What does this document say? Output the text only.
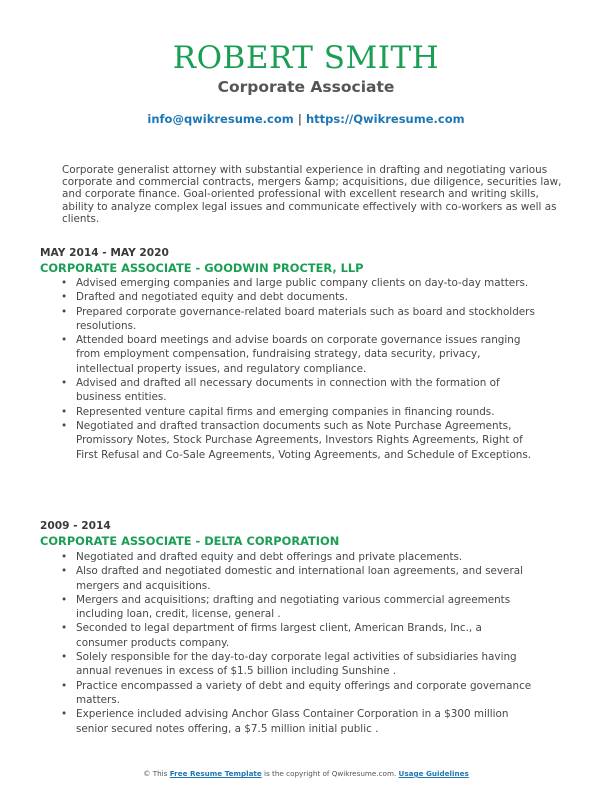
ROBERT SMITH
Corporate Associate
info@qwikresume.com | https://Qwikresume.com
Corporate generalist attorney with substantial experience in drafting and negotiating various corporate and commercial contracts, mergers &amp; acquisitions, due diligence, securities law, and corporate finance. Goal-oriented professional with excellent research and writing skills, ability to analyze complex legal issues and communicate effectively with co-workers as well as clients.
MAY 2014 - MAY 2020
CORPORATE ASSOCIATE - GOODWIN PROCTER, LLP
• Advised emerging companies and large public company clients on day-to-day matters.
• Drafted and negotiated equity and debt documents.
• Prepared corporate governance-related board materials such as board and stockholders resolutions.
• Attended board meetings and advise boards on corporate governance issues ranging from employment compensation, fundraising strategy, data security, privacy, intellectual property issues, and regulatory compliance.
• Advised and drafted all necessary documents in connection with the formation of business entities.
• Represented venture capital firms and emerging companies in financing rounds.
• Negotiated and drafted transaction documents such as Note Purchase Agreements, Promissory Notes, Stock Purchase Agreements, Investors Rights Agreements, Right of First Refusal and Co-Sale Agreements, Voting Agreements, and Schedule of Exceptions.
2009 - 2014
CORPORATE ASSOCIATE - DELTA CORPORATION
• Negotiated and drafted equity and debt offerings and private placements.
• Also drafted and negotiated domestic and international loan agreements, and several mergers and acquisitions.
• Mergers and acquisitions; drafting and negotiating various commercial agreements including loan, credit, license, general .
• Seconded to legal department of firms largest client, American Brands, Inc., a consumer products company.
• Solely responsible for the day-to-day corporate legal activities of subsidiaries having annual revenues in excess of $1.5 billion including Sunshine .
• Practice encompassed a variety of debt and equity offerings and corporate governance matters.
• Experience included advising Anchor Glass Container Corporation in a $300 million senior secured notes offering, a $7.5 million initial public .
© This Free Resume Template is the copyright of Qwikresume.com. Usage Guidelines
